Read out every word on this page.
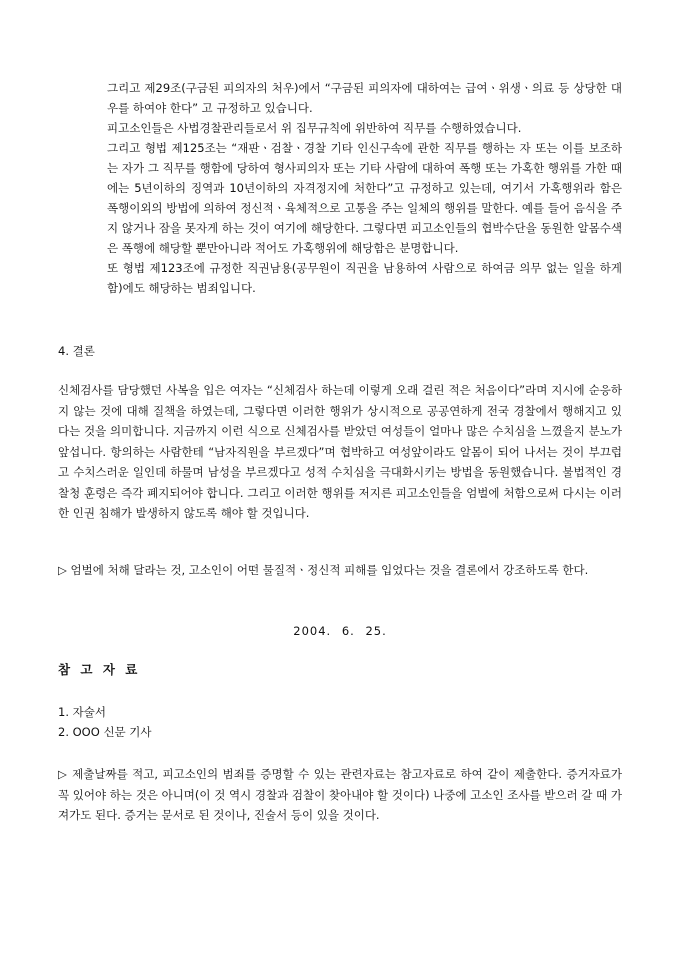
그리고 제29조(구금된 피의자의 처우)에서 “구금된 피의자에 대하여는 급여ㆍ위생ㆍ의료 등 상당한 대우를 하여야 한다” 고 규정하고 있습니다.

피고소인들은 사법경찰관리들로서 위 집무규칙에 위반하여 직무를 수행하였습니다.

그리고 형법 제125조는 “재판ㆍ검찰ㆍ경찰 기타 인신구속에 관한 직무를 행하는 자 또는 이를 보조하는 자가 그 직무를 행함에 당하여 형사피의자 또는 기타 사람에 대하여 폭행 또는 가혹한 행위를 가한 때에는 5년이하의 징역과 10년이하의 자격정지에 처한다”고 규정하고 있는데, 여기서 가혹행위라 함은 폭행이외의 방법에 의하여 정신적ㆍ육체적으로 고통을 주는 일체의 행위를 말한다. 예를 들어 음식을 주지 않거나 잠을 못자게 하는 것이 여기에 해당한다. 그렇다면 피고소인들의 협박수단을 동원한 알몸수색은 폭행에 해당할 뿐만아니라 적어도 가혹행위에 해당함은 분명합니다.

또 형법 제123조에 규정한 직권남용(공무원이 직권을 남용하여 사람으로 하여금 의무 없는 일을 하게 함)에도 해당하는 범죄입니다.

4. 결론

신체검사를 담당했던 사복을 입은 여자는 “신체검사 하는데 이렇게 오래 걸린 적은 처음이다”라며 지시에 순응하지 않는 것에 대해 질책을 하였는데, 그렇다면 이러한 행위가 상시적으로 공공연하게 전국 경찰에서 행해지고 있다는 것을 의미합니다. 지금까지 이런 식으로 신체검사를 받았던 여성들이 얼마나 많은 수치심을 느꼈을지 분노가 앞섭니다. 항의하는 사람한테 “남자직원을 부르겠다”며 협박하고 여성앞이라도 알몸이 되어 나서는 것이 부끄럽고 수치스러운 일인데 하물며 남성을 부르겠다고 성적 수치심을 극대화시키는 방법을 동원했습니다. 불법적인 경찰청 훈령은 즉각 폐지되어야 합니다. 그리고 이러한 행위를 저지른 피고소인들을 엄벌에 처함으로써 다시는 이러한 인권 침해가 발생하지 않도록 해야 할 것입니다.

▷ 엄벌에 처해 달라는 것, 고소인이 어떤 물질적ㆍ정신적 피해를 입었다는 것을 결론에서 강조하도록 한다.

2004. 6. 25.
참 고 자 료
1. 자술서
2. OOO 신문 기사

▷ 제출날짜를 적고, 피고소인의 범죄를 증명할 수 있는 관련자료는 참고자료로 하여 같이 제출한다. 증거자료가 꼭 있어야 하는 것은 아니며(이 것 역시 경찰과 검찰이 찾아내야 할 것이다) 나중에 고소인 조사를 받으러 갈 때 가져가도 된다. 증거는 문서로 된 것이나, 진술서 등이 있을 것이다.
